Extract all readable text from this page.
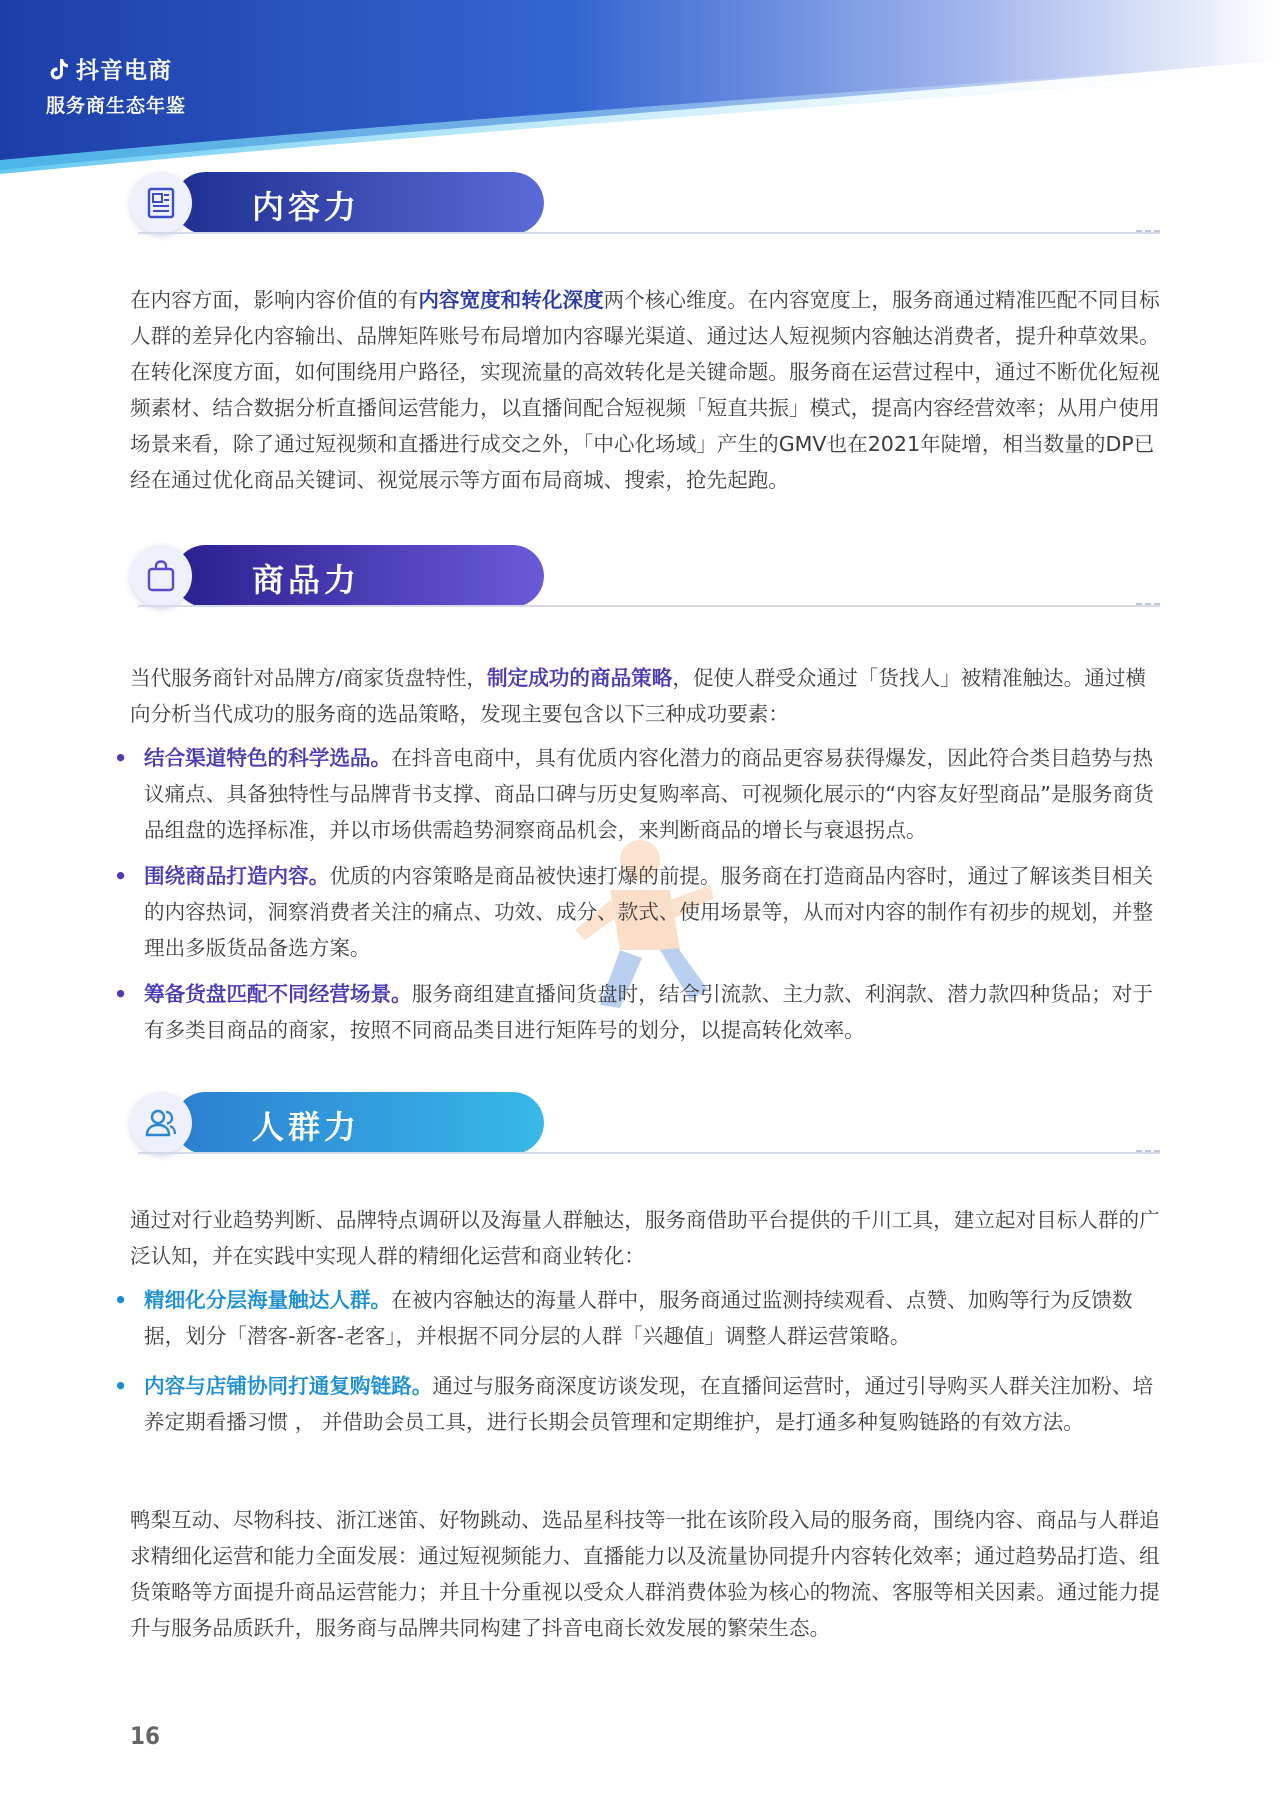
抖音电商
服务商生态年鉴
内容力

在内容方面，影响内容价值的有内容宽度和转化深度两个核心维度。在内容宽度上，服务商通过精准匹配不同目标人群的差异化内容输出、品牌矩阵账号布局增加内容曝光渠道、通过达人短视频内容触达消费者，提升种草效果。在转化深度方面，如何围绕用户路径，实现流量的高效转化是关键命题。服务商在运营过程中，通过不断优化短视频素材、结合数据分析直播间运营能力，以直播间配合短视频「短直共振」模式，提高内容经营效率；从用户使用场景来看，除了通过短视频和直播进行成交之外，「中心化场域」产生的GMV也在2021年陡增，相当数量的DP已经在通过优化商品关键词、视觉展示等方面布局商城、搜索，抢先起跑。

商品力

当代服务商针对品牌方/商家货盘特性，制定成功的商品策略，促使人群受众通过「货找人」被精准触达。通过横向分析当代成功的服务商的选品策略，发现主要包含以下三种成功要素：

• 结合渠道特色的科学选品。在抖音电商中，具有优质内容化潜力的商品更容易获得爆发，因此符合类目趋势与热议痛点、具备独特性与品牌背书支撑、商品口碑与历史复购率高、可视频化展示的“内容友好型商品”是服务商货品组盘的选择标准，并以市场供需趋势洞察商品机会，来判断商品的增长与衰退拐点。
• 围绕商品打造内容。优质的内容策略是商品被快速打爆的前提。服务商在打造商品内容时，通过了解该类目相关的内容热词，洞察消费者关注的痛点、功效、成分、款式、使用场景等，从而对内容的制作有初步的规划，并整理出多版货品备选方案。
• 筹备货盘匹配不同经营场景。服务商组建直播间货盘时，结合引流款、主力款、利润款、潜力款四种货品；对于有多类目商品的商家，按照不同商品类目进行矩阵号的划分，以提高转化效率。
人群力

通过对行业趋势判断、品牌特点调研以及海量人群触达，服务商借助平台提供的千川工具，建立起对目标人群的广泛认知，并在实践中实现人群的精细化运营和商业转化：

• 精细化分层海量触达人群。在被内容触达的海量人群中，服务商通过监测持续观看、点赞、加购等行为反馈数据，划分「潜客-新客-老客」，并根据不同分层的人群「兴趣值」调整人群运营策略。
• 内容与店铺协同打通复购链路。通过与服务商深度访谈发现，在直播间运营时，通过引导购买人群关注加粉、培养定期看播习惯 ， 并借助会员工具，进行长期会员管理和定期维护，是打通多种复购链路的有效方法。

鸭梨互动、尽物科技、浙江迷笛、好物跳动、选品星科技等一批在该阶段入局的服务商，围绕内容、商品与人群追求精细化运营和能力全面发展：通过短视频能力、直播能力以及流量协同提升内容转化效率；通过趋势品打造、组货策略等方面提升商品运营能力；并且十分重视以受众人群消费体验为核心的物流、客服等相关因素。通过能力提升与服务品质跃升，服务商与品牌共同构建了抖音电商长效发展的繁荣生态。

16
